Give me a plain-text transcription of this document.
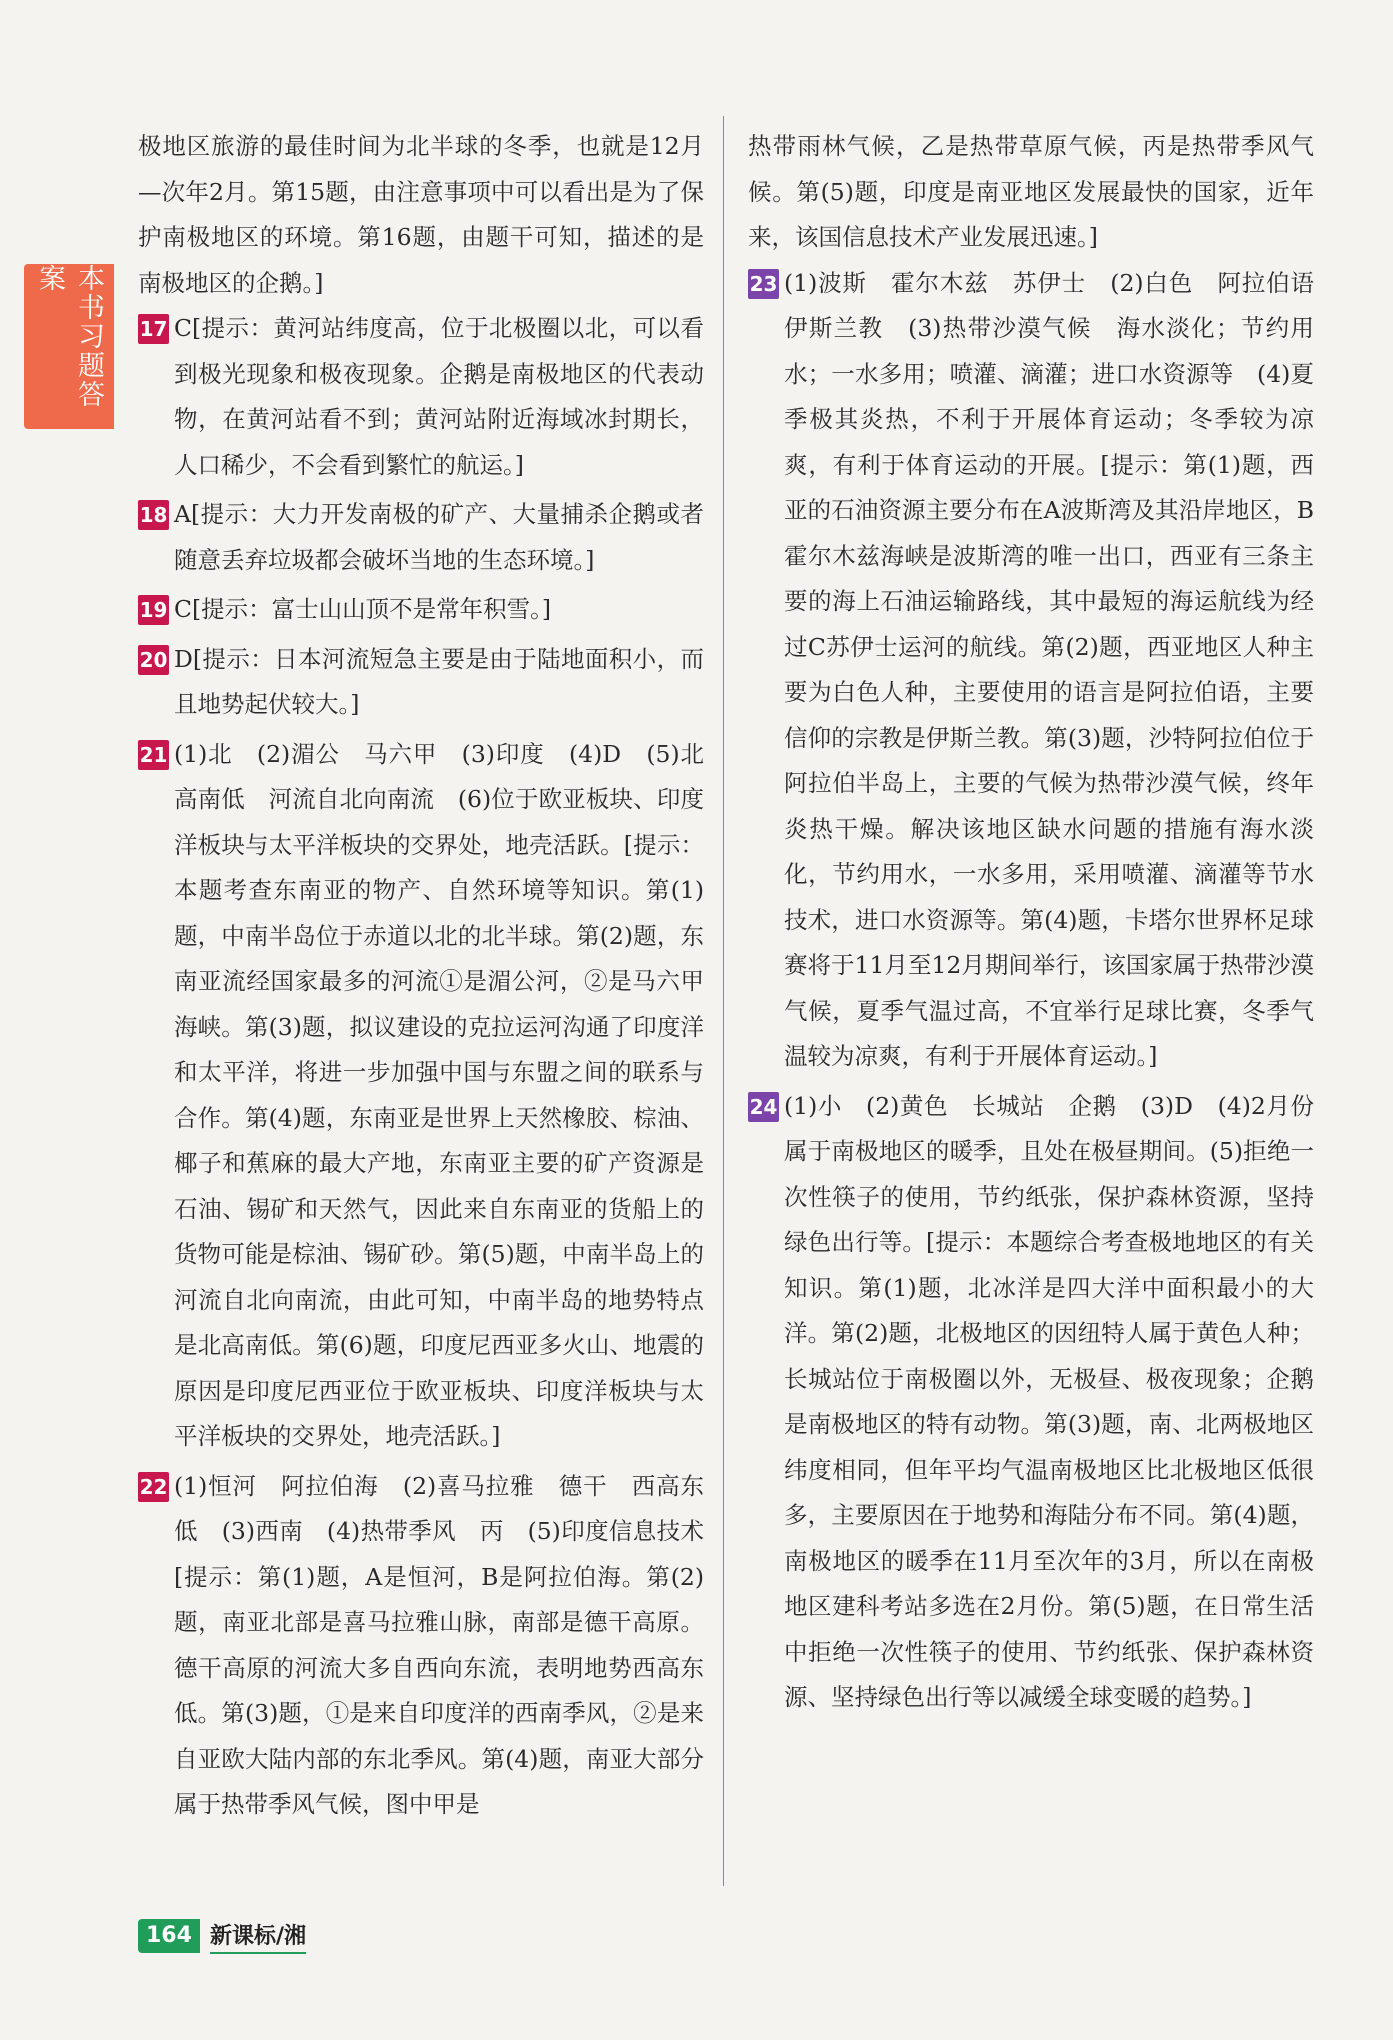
本书习题答案

极地区旅游的最佳时间为北半球的冬季，也就是12月—次年2月。第15题，由注意事项中可以看出是为了保护南极地区的环境。第16题，由题干可知，描述的是南极地区的企鹅。]

17 C[提示：黄河站纬度高，位于北极圈以北，可以看到极光现象和极夜现象。企鹅是南极地区的代表动物，在黄河站看不到；黄河站附近海域冰封期长，人口稀少，不会看到繁忙的航运。]
18 A[提示：大力开发南极的矿产、大量捕杀企鹅或者随意丢弃垃圾都会破坏当地的生态环境。]
19 C[提示：富士山山顶不是常年积雪。]
20 D[提示：日本河流短急主要是由于陆地面积小，而且地势起伏较大。]
21 (1)北　(2)湄公　马六甲　(3)印度　(4)D　(5)北高南低　河流自北向南流　(6)位于欧亚板块、印度洋板块与太平洋板块的交界处，地壳活跃。[提示：本题考查东南亚的物产、自然环境等知识。第(1)题，中南半岛位于赤道以北的北半球。第(2)题，东南亚流经国家最多的河流①是湄公河，②是马六甲海峡。第(3)题，拟议建设的克拉运河沟通了印度洋和太平洋，将进一步加强中国与东盟之间的联系与合作。第(4)题，东南亚是世界上天然橡胶、棕油、椰子和蕉麻的最大产地，东南亚主要的矿产资源是石油、锡矿和天然气，因此来自东南亚的货船上的货物可能是棕油、锡矿砂。第(5)题，中南半岛上的河流自北向南流，由此可知，中南半岛的地势特点是北高南低。第(6)题，印度尼西亚多火山、地震的原因是印度尼西亚位于欧亚板块、印度洋板块与太平洋板块的交界处，地壳活跃。]
22 (1)恒河　阿拉伯海　(2)喜马拉雅　德干　西高东低　(3)西南　(4)热带季风　丙　(5)印度信息技术[提示：第(1)题，A是恒河，B是阿拉伯海。第(2)题，南亚北部是喜马拉雅山脉，南部是德干高原。德干高原的河流大多自西向东流，表明地势西高东低。第(3)题，①是来自印度洋的西南季风，②是来自亚欧大陆内部的东北季风。第(4)题，南亚大部分属于热带季风气候，图中甲是

热带雨林气候，乙是热带草原气候，丙是热带季风气候。第(5)题，印度是南亚地区发展最快的国家，近年来，该国信息技术产业发展迅速。]

23 (1)波斯　霍尔木兹　苏伊士　(2)白色　阿拉伯语　伊斯兰教　(3)热带沙漠气候　海水淡化；节约用水；一水多用；喷灌、滴灌；进口水资源等　(4)夏季极其炎热，不利于开展体育运动；冬季较为凉爽，有利于体育运动的开展。[提示：第(1)题，西亚的石油资源主要分布在A波斯湾及其沿岸地区，B霍尔木兹海峡是波斯湾的唯一出口，西亚有三条主要的海上石油运输路线，其中最短的海运航线为经过C苏伊士运河的航线。第(2)题，西亚地区人种主要为白色人种，主要使用的语言是阿拉伯语，主要信仰的宗教是伊斯兰教。第(3)题，沙特阿拉伯位于阿拉伯半岛上，主要的气候为热带沙漠气候，终年炎热干燥。解决该地区缺水问题的措施有海水淡化，节约用水，一水多用，采用喷灌、滴灌等节水技术，进口水资源等。第(4)题，卡塔尔世界杯足球赛将于11月至12月期间举行，该国家属于热带沙漠气候，夏季气温过高，不宜举行足球比赛，冬季气温较为凉爽，有利于开展体育运动。]
24 (1)小　(2)黄色　长城站　企鹅　(3)D　(4)2月份属于南极地区的暖季，且处在极昼期间。(5)拒绝一次性筷子的使用，节约纸张，保护森林资源，坚持绿色出行等。[提示：本题综合考查极地地区的有关知识。第(1)题，北冰洋是四大洋中面积最小的大洋。第(2)题，北极地区的因纽特人属于黄色人种；长城站位于南极圈以外，无极昼、极夜现象；企鹅是南极地区的特有动物。第(3)题，南、北两极地区纬度相同，但年平均气温南极地区比北极地区低很多，主要原因在于地势和海陆分布不同。第(4)题，南极地区的暖季在11月至次年的3月，所以在南极地区建科考站多选在2月份。第(5)题，在日常生活中拒绝一次性筷子的使用、节约纸张、保护森林资源、坚持绿色出行等以减缓全球变暖的趋势。]
164 新课标/湘
